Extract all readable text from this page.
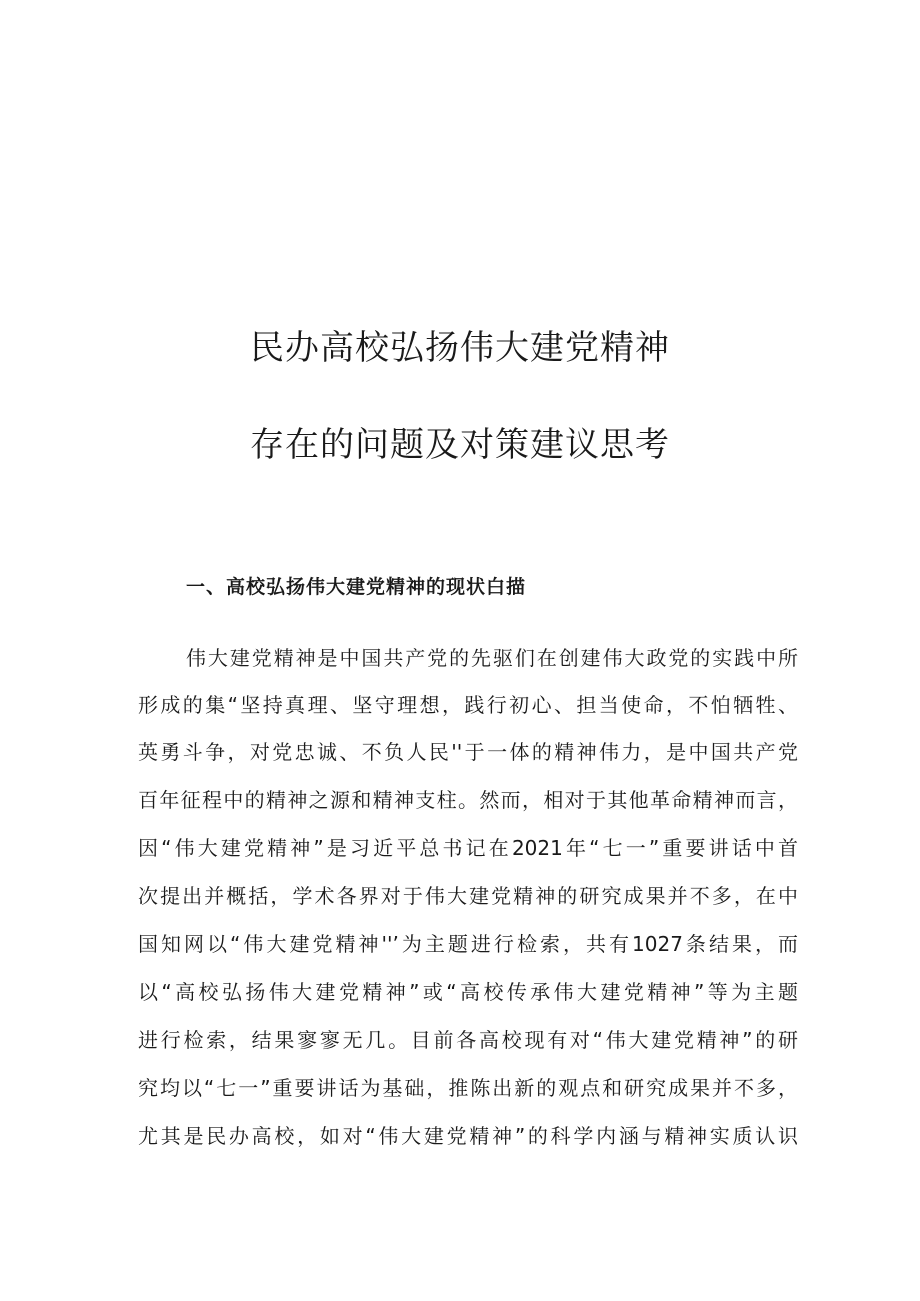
民办高校弘扬伟大建党精神
存在的问题及对策建议思考
一、高校弘扬伟大建党精神的现状白描

伟大建党精神是中国共产党的先驱们在创建伟大政党的实践中所

形成的集“坚持真理、坚守理想，践行初心、担当使命，不怕牺牲、

英勇斗争，对党忠诚、不负人民''于一体的精神伟力，是中国共产党

百年征程中的精神之源和精神支柱。然而，相对于其他革命精神而言，

因“伟大建党精神”是习近平总书记在2021年“七一”重要讲话中首

次提出并概括，学术各界对于伟大建党精神的研究成果并不多，在中

国知网以“伟大建党精神''’为主题进行检索，共有1027条结果，而

以“高校弘扬伟大建党精神”或“高校传承伟大建党精神”等为主题

进行检索，结果寥寥无几。目前各高校现有对“伟大建党精神”的研

究均以“七一”重要讲话为基础，推陈出新的观点和研究成果并不多，

尤其是民办高校，如对“伟大建党精神”的科学内涵与精神实质认识
